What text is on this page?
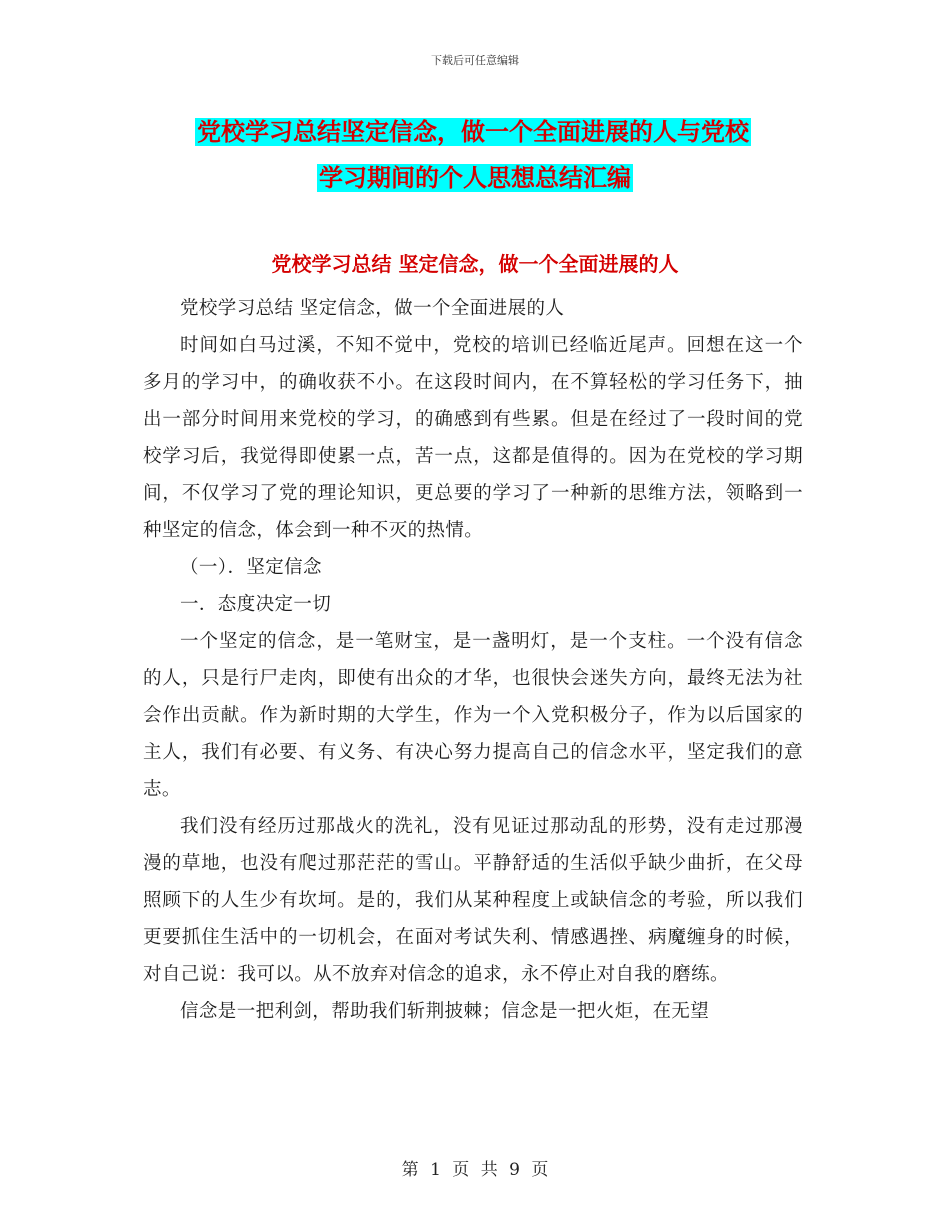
下载后可任意编辑
党校学习总结坚定信念，做一个全面进展的人与党校
学习期间的个人思想总结汇编
党校学习总结 坚定信念，做一个全面进展的人

党校学习总结 坚定信念，做一个全面进展的人

时间如白马过溪，不知不觉中，党校的培训已经临近尾声。回想在这一个多月的学习中，的确收获不小。在这段时间内，在不算轻松的学习任务下，抽出一部分时间用来党校的学习，的确感到有些累。但是在经过了一段时间的党校学习后，我觉得即使累一点，苦一点，这都是值得的。因为在党校的学习期间，不仅学习了党的理论知识，更总要的学习了一种新的思维方法，领略到一种坚定的信念，体会到一种不灭的热情。

（一）．坚定信念

一．态度决定一切

一个坚定的信念，是一笔财宝，是一盏明灯，是一个支柱。一个没有信念的人，只是行尸走肉，即使有出众的才华，也很快会迷失方向，最终无法为社会作出贡献。作为新时期的大学生，作为一个入党积极分子，作为以后国家的主人，我们有必要、有义务、有决心努力提高自己的信念水平，坚定我们的意志。

我们没有经历过那战火的洗礼，没有见证过那动乱的形势，没有走过那漫漫的草地，也没有爬过那茫茫的雪山。平静舒适的生活似乎缺少曲折，在父母照顾下的人生少有坎坷。是的，我们从某种程度上或缺信念的考验，所以我们更要抓住生活中的一切机会，在面对考试失利、情感遇挫、病魔缠身的时候，对自己说：我可以。从不放弃对信念的追求，永不停止对自我的磨练。

信念是一把利剑，帮助我们斩荆披棘；信念是一把火炬，在无望

第 1 页 共 9 页
